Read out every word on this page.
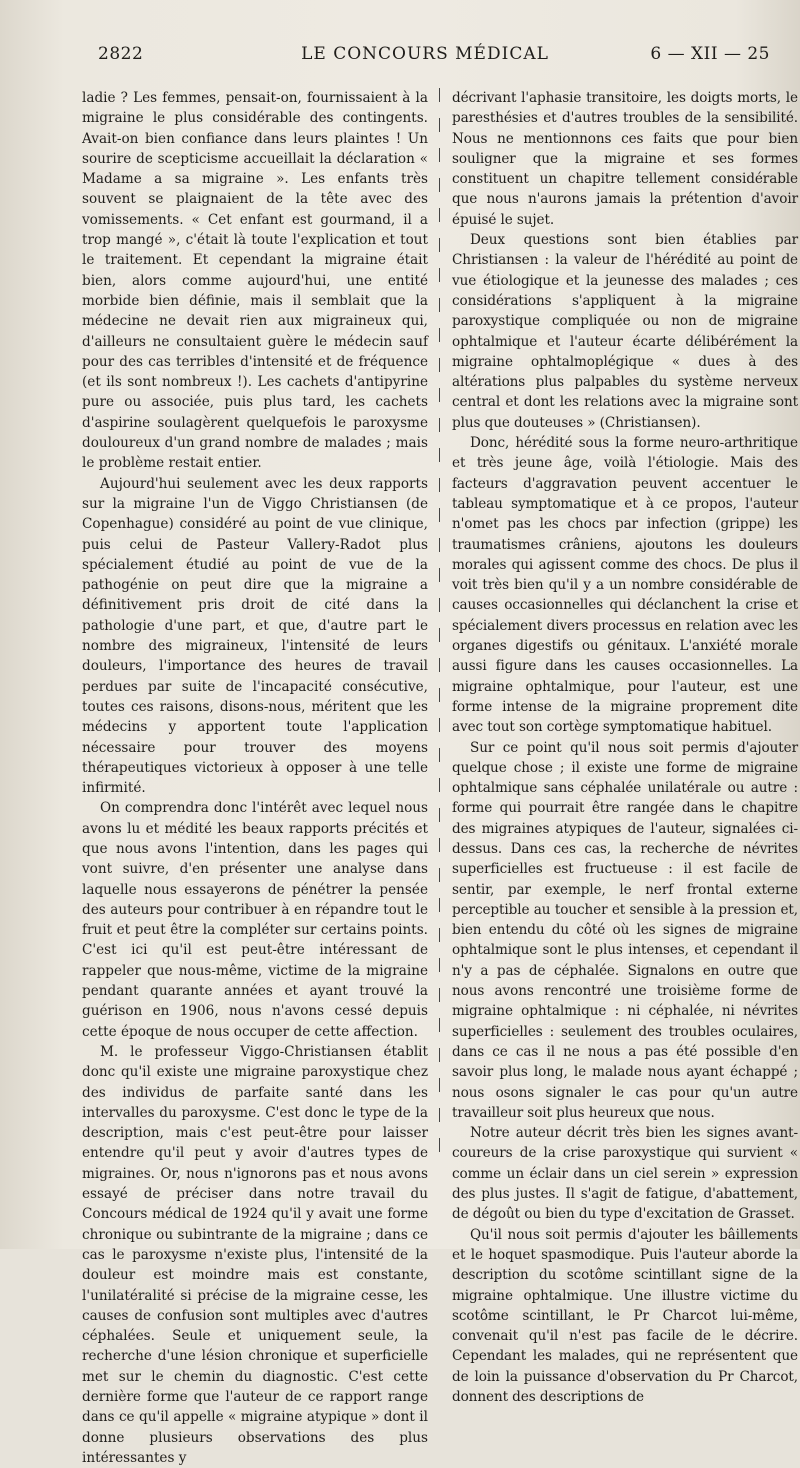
2822	LE CONCOURS MÉDICAL	6 — XII — 25

ladie ? Les femmes, pensait-on, fournissaient à la migraine le plus considérable des contingents. Avait-on bien confiance dans leurs plaintes ! Un sourire de scepticisme accueillait la déclaration « Madame a sa migraine ». Les enfants très souvent se plaignaient de la tête avec des vomissements. « Cet enfant est gourmand, il a trop mangé », c'était là toute l'explication et tout le traitement. Et cependant la migraine était bien, alors comme aujourd'hui, une entité morbide bien définie, mais il semblait que la médecine ne devait rien aux migraineux qui, d'ailleurs ne consultaient guère le médecin sauf pour des cas terribles d'intensité et de fréquence (et ils sont nombreux !). Les cachets d'antipyrine pure ou associée, puis plus tard, les cachets d'aspirine soulagèrent quelquefois le paroxysme douloureux d'un grand nombre de malades ; mais le problème restait entier.

Aujourd'hui seulement avec les deux rapports sur la migraine l'un de Viggo Christiansen (de Copenhague) considéré au point de vue clinique, puis celui de Pasteur Vallery-Radot plus spécialement étudié au point de vue de la pathogénie on peut dire que la migraine a définitivement pris droit de cité dans la pathologie d'une part, et que, d'autre part le nombre des migraineux, l'intensité de leurs douleurs, l'importance des heures de travail perdues par suite de l'incapacité consécutive, toutes ces raisons, disons-nous, méritent que les médecins y apportent toute l'application nécessaire pour trouver des moyens thérapeutiques victorieux à opposer à une telle infirmité.

On comprendra donc l'intérêt avec lequel nous avons lu et médité les beaux rapports précités et que nous avons l'intention, dans les pages qui vont suivre, d'en présenter une analyse dans laquelle nous essayerons de pénétrer la pensée des auteurs pour contribuer à en répandre tout le fruit et peut être la compléter sur certains points. C'est ici qu'il est peut-être intéressant de rappeler que nous-même, victime de la migraine pendant quarante années et ayant trouvé la guérison en 1906, nous n'avons cessé depuis cette époque de nous occuper de cette affection.

M. le professeur Viggo-Christiansen établit donc qu'il existe une migraine paroxystique chez des individus de parfaite santé dans les intervalles du paroxysme. C'est donc le type de la description, mais c'est peut-être pour laisser entendre qu'il peut y avoir d'autres types de migraines. Or, nous n'ignorons pas et nous avons essayé de préciser dans notre travail du Concours médical de 1924 qu'il y avait une forme chronique ou subintrante de la migraine ; dans ce cas le paroxysme n'existe plus, l'intensité de la douleur est moindre mais est constante, l'unilatéralité si précise de la migraine cesse, les causes de confusion sont multiples avec d'autres céphalées. Seule et uniquement seule, la recherche d'une lésion chronique et superficielle met sur le chemin du diagnostic. C'est cette dernière forme que l'auteur de ce rapport range dans ce qu'il appelle « migraine atypique » dont il donne plusieurs observations des plus intéressantes y

décrivant l'aphasie transitoire, les doigts morts, le paresthésies et d'autres troubles de la sensibilité. Nous ne mentionnons ces faits que pour bien souligner que la migraine et ses formes constituent un chapitre tellement considérable que nous n'aurons jamais la prétention d'avoir épuisé le sujet.

Deux questions sont bien établies par Christiansen : la valeur de l'hérédité au point de vue étiologique et la jeunesse des malades ; ces considérations s'appliquent à la migraine paroxystique compliquée ou non de migraine ophtalmique et l'auteur écarte délibérément la migraine ophtalmoplégique « dues à des altérations plus palpables du système nerveux central et dont les relations avec la migraine sont plus que douteuses » (Christiansen).

Donc, hérédité sous la forme neuro-arthritique et très jeune âge, voilà l'étiologie. Mais des facteurs d'aggravation peuvent accentuer le tableau symptomatique et à ce propos, l'auteur n'omet pas les chocs par infection (grippe) les traumatismes crâniens, ajoutons les douleurs morales qui agissent comme des chocs. De plus il voit très bien qu'il y a un nombre considérable de causes occasionnelles qui déclanchent la crise et spécialement divers processus en relation avec les organes digestifs ou génitaux. L'anxiété morale aussi figure dans les causes occasionnelles. La migraine ophtalmique, pour l'auteur, est une forme intense de la migraine proprement dite avec tout son cortège symptomatique habituel.

Sur ce point qu'il nous soit permis d'ajouter quelque chose ; il existe une forme de migraine ophtalmique sans céphalée unilatérale ou autre : forme qui pourrait être rangée dans le chapitre des migraines atypiques de l'auteur, signalées ci-dessus. Dans ces cas, la recherche de névrites superficielles est fructueuse : il est facile de sentir, par exemple, le nerf frontal externe perceptible au toucher et sensible à la pression et, bien entendu du côté où les signes de migraine ophtalmique sont le plus intenses, et cependant il n'y a pas de céphalée. Signalons en outre que nous avons rencontré une troisième forme de migraine ophtalmique : ni céphalée, ni névrites superficielles : seulement des troubles oculaires, dans ce cas il ne nous a pas été possible d'en savoir plus long, le malade nous ayant échappé ; nous osons signaler le cas pour qu'un autre travailleur soit plus heureux que nous.

Notre auteur décrit très bien les signes avant-coureurs de la crise paroxystique qui survient « comme un éclair dans un ciel serein » expression des plus justes. Il s'agit de fatigue, d'abattement, de dégoût ou bien du type d'excitation de Grasset.

Qu'il nous soit permis d'ajouter les bâillements et le hoquet spasmodique. Puis l'auteur aborde la description du scotôme scintillant signe de la migraine ophtalmique. Une illustre victime du scotôme scintillant, le Pr Charcot lui-même, convenait qu'il n'est pas facile de le décrire. Cependant les malades, qui ne représentent que de loin la puissance d'observation du Pr Charcot, donnent des descriptions de
